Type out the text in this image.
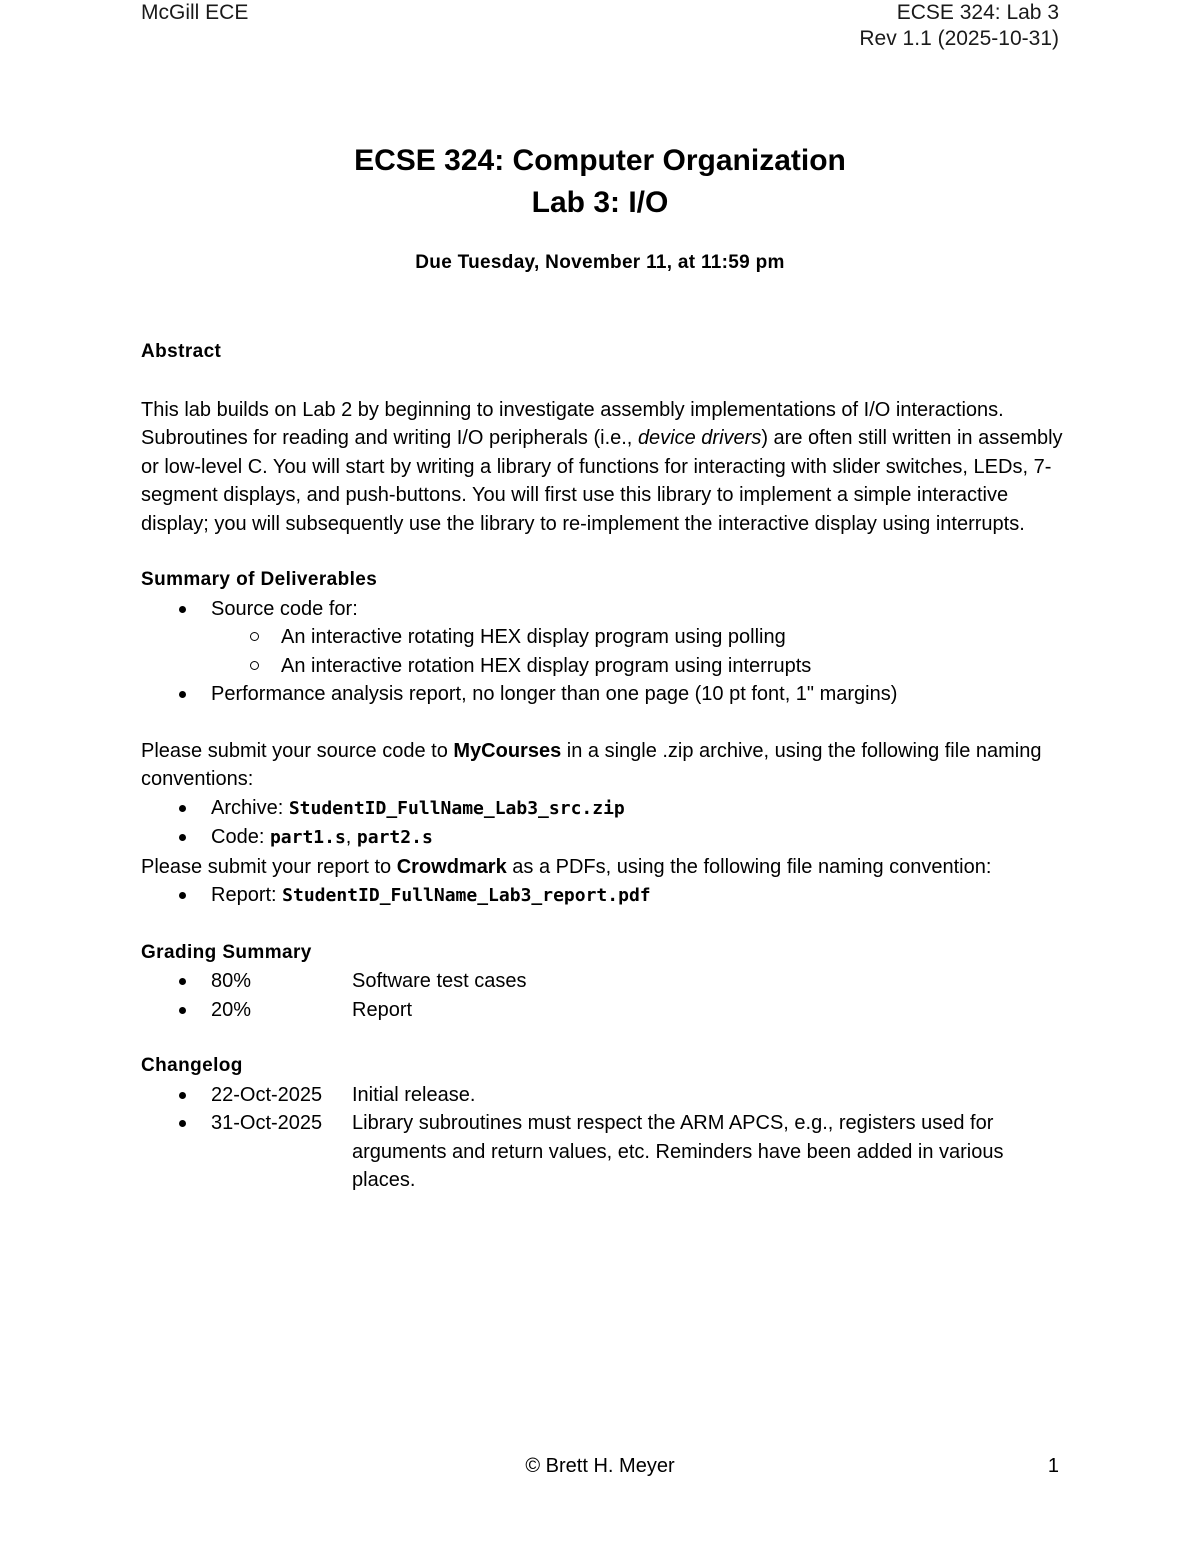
McGill ECE	ECSE 324: Lab 3
Rev 1.1 (2025-10-31)
ECSE 324: Computer Organization
Lab 3: I/O
Due Tuesday, November 11, at 11:59 pm
Abstract

This lab builds on Lab 2 by beginning to investigate assembly implementations of I/O interactions. Subroutines for reading and writing I/O peripherals (i.e., device drivers) are often still written in assembly or low-level C. You will start by writing a library of functions for interacting with slider switches, LEDs, 7-segment displays, and push-buttons. You will first use this library to implement a simple interactive display; you will subsequently use the library to re-implement the interactive display using interrupts.

Summary of Deliverables
Source code for:
An interactive rotating HEX display program using polling
An interactive rotation HEX display program using interrupts
Performance analysis report, no longer than one page (10 pt font, 1" margins)

Please submit your source code to MyCourses in a single .zip archive, using the following file naming conventions:

Archive: StudentID_FullName_Lab3_src.zip
Code: part1.s, part2.s

Please submit your report to Crowdmark as a PDFs, using the following file naming convention:

Report: StudentID_FullName_Lab3_report.pdf
Grading Summary
80%	Software test cases
20%	Report
Changelog
22-Oct-2025	Initial release.
31-Oct-2025	Library subroutines must respect the ARM APCS, e.g., registers used for arguments and return values, etc. Reminders have been added in various places.
© Brett H. Meyer	1
